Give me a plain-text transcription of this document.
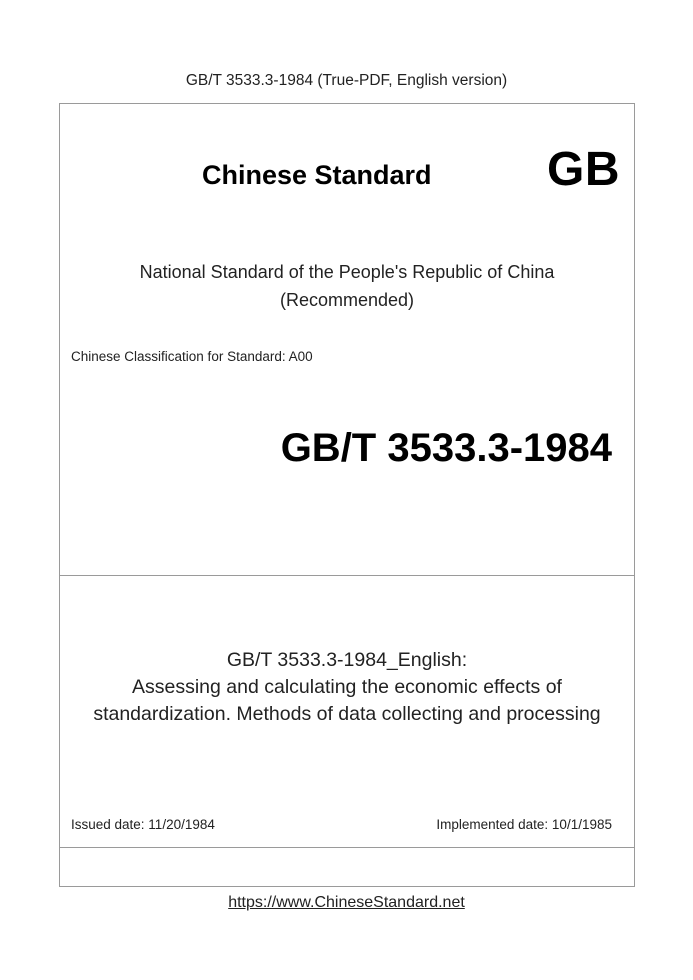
GB/T 3533.3-1984 (True-PDF, English version)
Chinese Standard GB
National Standard of the People's Republic of China
(Recommended)
Chinese Classification for Standard: A00
GB/T 3533.3-1984
GB/T 3533.3-1984_English:
Assessing and calculating the economic effects of
standardization. Methods of data collecting and processing
Issued date: 11/20/1984	Implemented date: 10/1/1985
https://www.ChineseStandard.net
